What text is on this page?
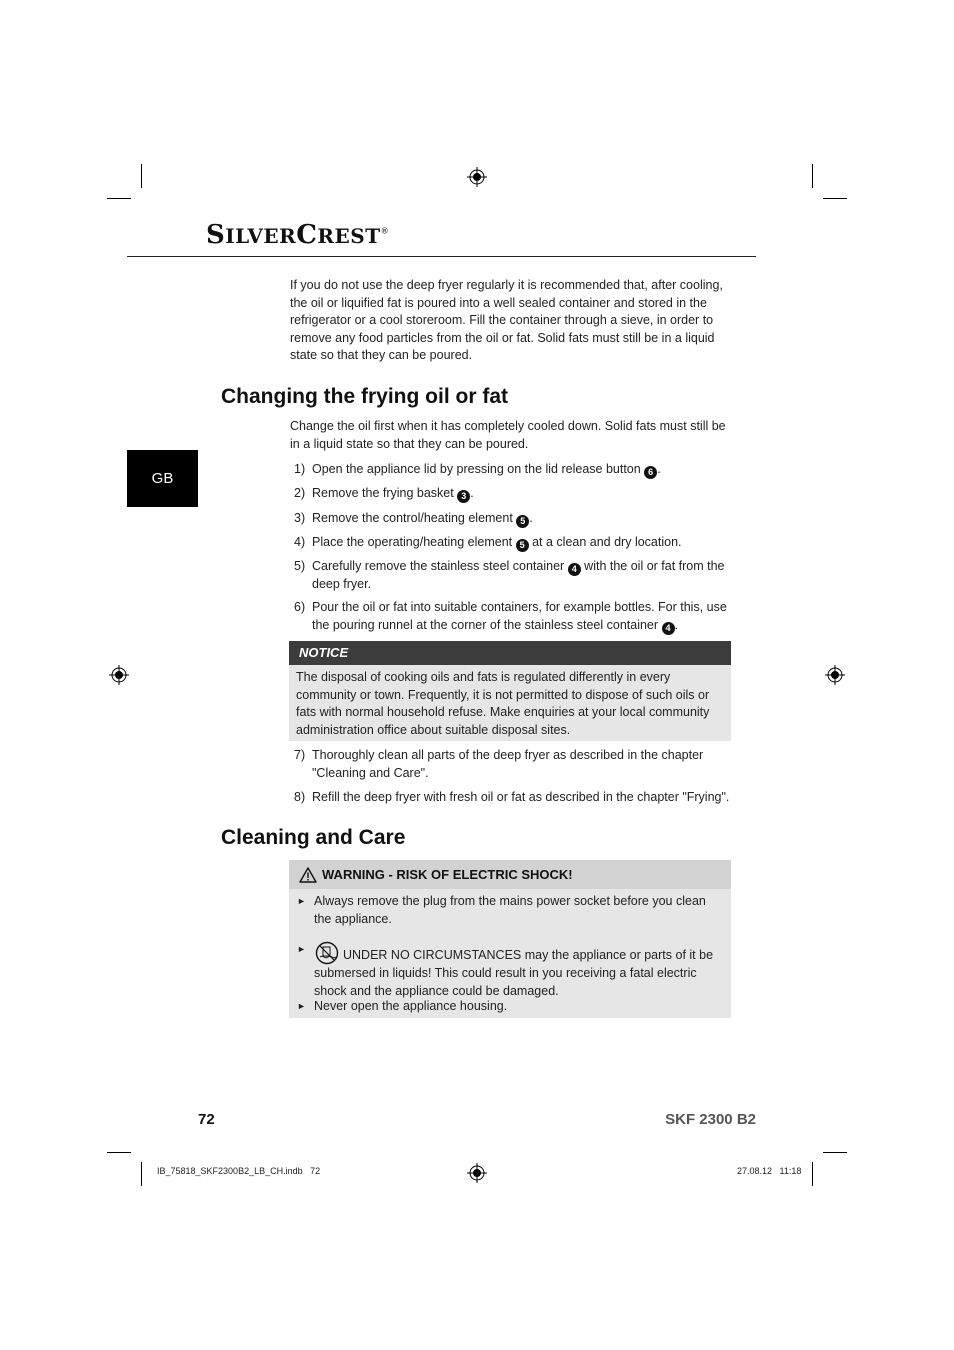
SILVERCREST®
GB

If you do not use the deep fryer regularly it is recommended that, after cooling, the oil or liquified fat is poured into a well sealed container and stored in the refrigerator or a cool storeroom. Fill the container through a sieve, in order to remove any food particles from the oil or fat. Solid fats must still be in a liquid state so that they can be poured.

Changing the frying oil or fat

Change the oil first when it has completely cooled down. Solid fats must still be in a liquid state so that they can be poured.

1) Open the appliance lid by pressing on the lid release button 6 .
2) Remove the frying basket 3 .
3) Remove the control/heating element 5 .
4) Place the operating/heating element 5 at a clean and dry location.
5) Carefully remove the stainless steel container 4 with the oil or fat from the deep fryer.
6) Pour the oil or fat into suitable containers, for example bottles. For this, use the pouring runnel at the corner of the stainless steel container 4 .
NOTICE
The disposal of cooking oils and fats is regulated differently in every community or town. Frequently, it is not permitted to dispose of such oils or fats with normal household refuse. Make enquiries at your local community administration office about suitable disposal sites.
7) Thoroughly clean all parts of the deep fryer as described in the chapter "Cleaning and Care".
8) Refill the deep fryer with fresh oil or fat as described in the chapter "Frying".
Cleaning and Care
WARNING - RISK OF ELECTRIC SHOCK!
► Always remove the plug from the mains power socket before you clean the appliance.
►	UNDER NO CIRCUMSTANCES may the appliance or parts of it be submersed in liquids! This could result in you receiving a fatal electric shock and the appliance could be damaged.
► Never open the appliance housing.
72	SKF 2300 B2
IB_75818_SKF2300B2_LB_CH.indb   72	27.08.12   11:18
